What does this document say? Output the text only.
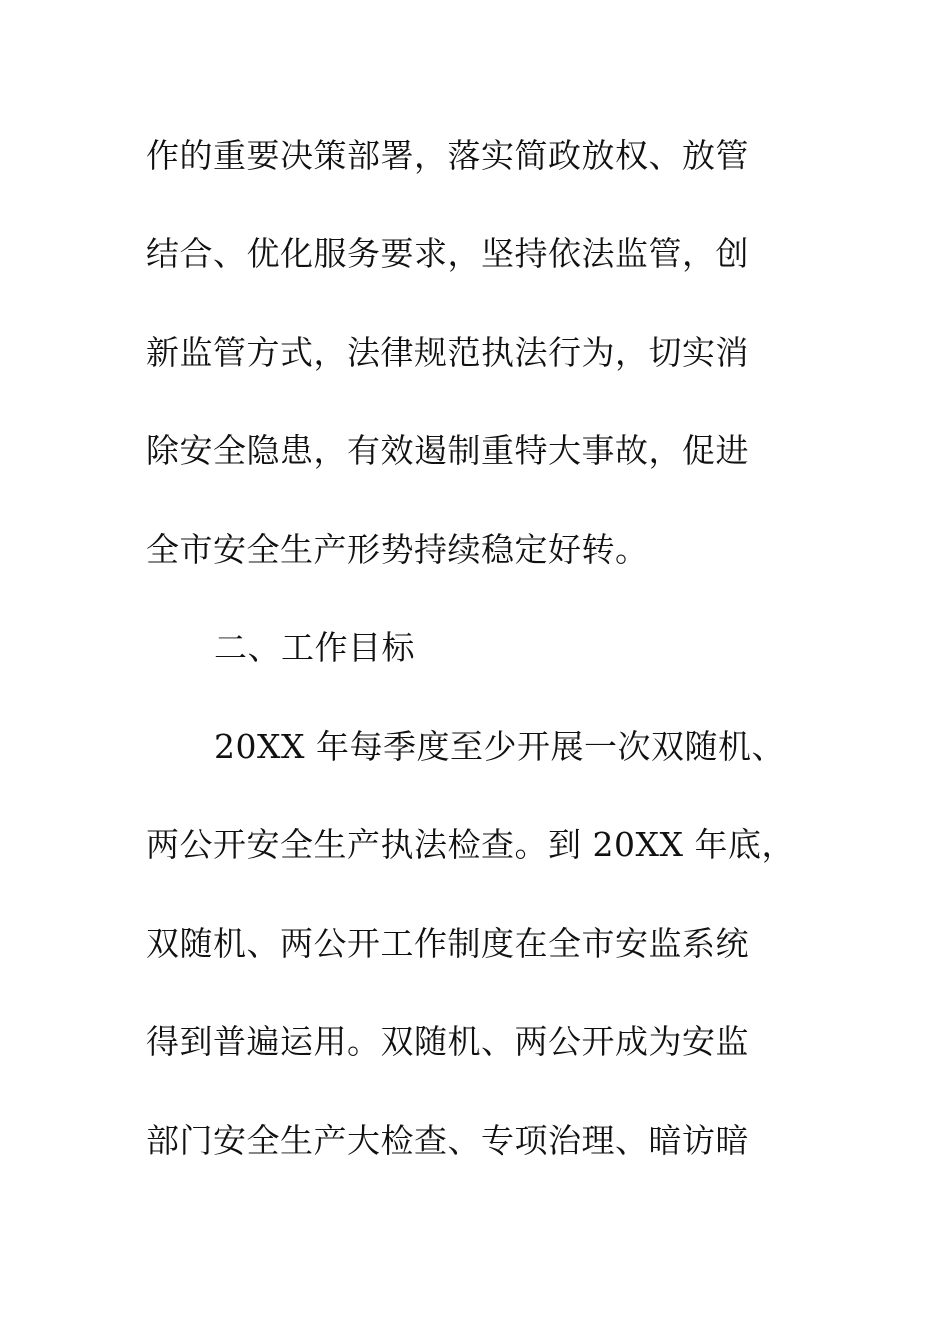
作的重要决策部署，落实简政放权、放管
结合、优化服务要求，坚持依法监管，创
新监管方式，法律规范执法行为，切实消
除安全隐患，有效遏制重特大事故，促进
全市安全生产形势持续稳定好转。
二、工作目标
20XX 年每季度至少开展一次双随机、
两公开安全生产执法检查。到 20XX 年底，
双随机、两公开工作制度在全市安监系统
得到普遍运用。双随机、两公开成为安监
部门安全生产大检查、专项治理、暗访暗
